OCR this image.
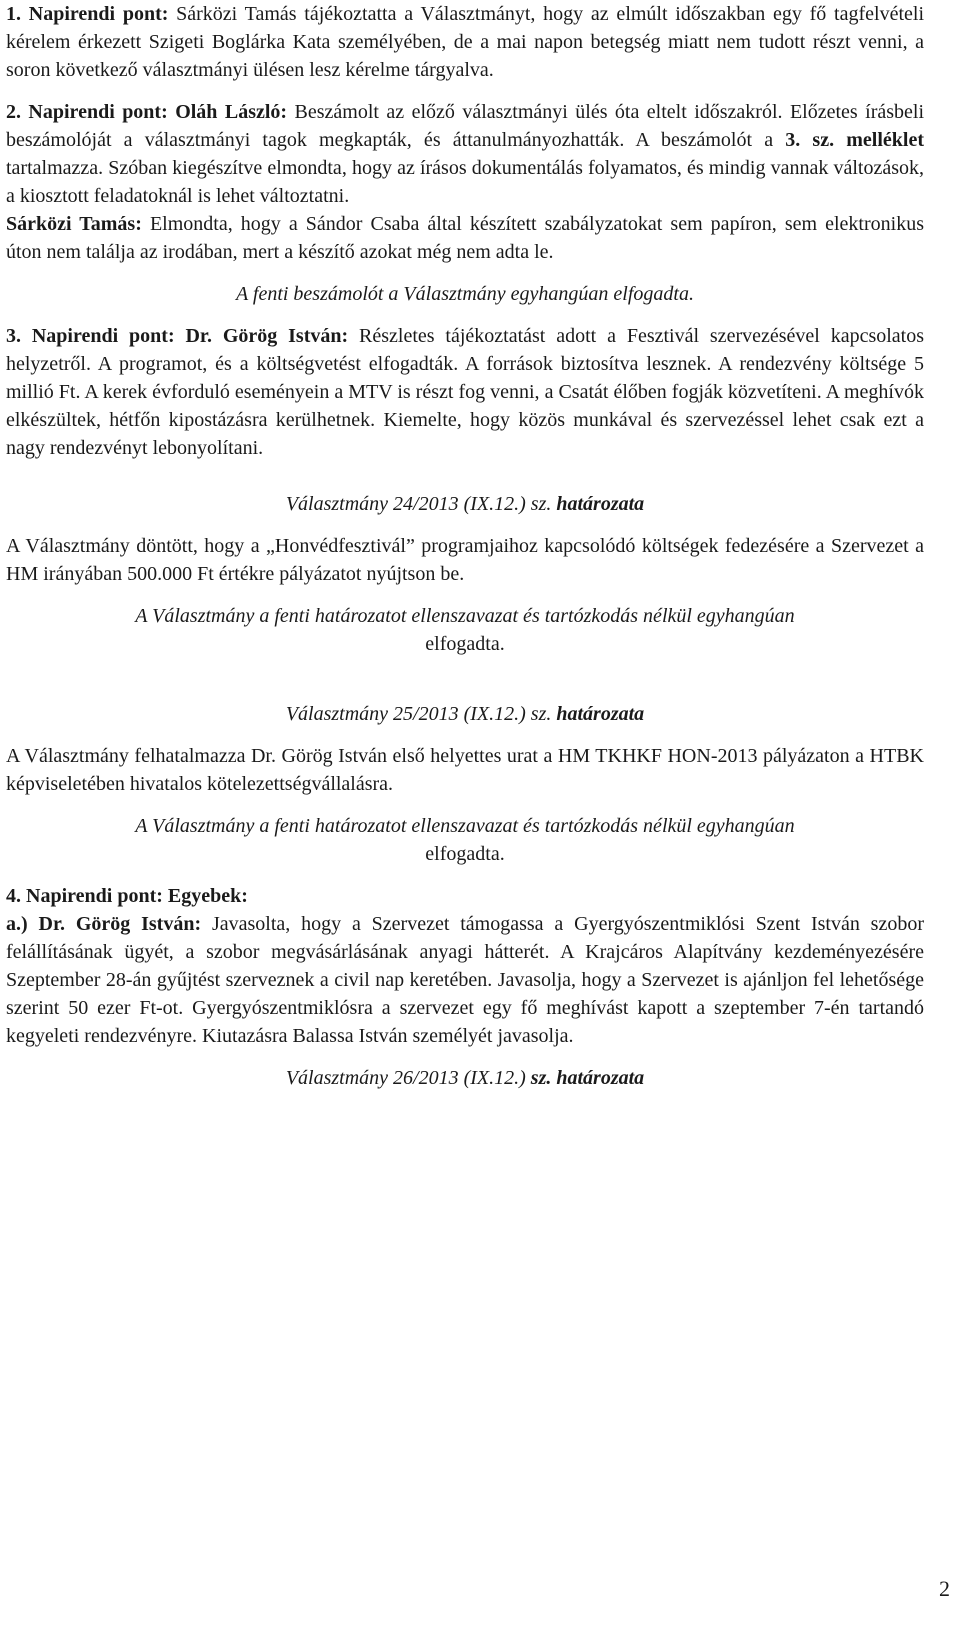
1. Napirendi pont: Sárközi Tamás tájékoztatta a Választmányt, hogy az elmúlt időszakban egy fő tagfelvételi kérelem érkezett Szigeti Boglárka Kata személyében, de a mai napon betegség miatt nem tudott részt venni, a soron következő választmányi ülésen lesz kérelme tárgyalva.

2. Napirendi pont: Oláh László: Beszámolt az előző választmányi ülés óta eltelt időszakról. Előzetes írásbeli beszámolóját a választmányi tagok megkapták, és áttanulmányozhatták. A beszámolót a 3. sz. melléklet tartalmazza. Szóban kiegészítve elmondta, hogy az írásos dokumentálás folyamatos, és mindig vannak változások, a kiosztott feladatoknál is lehet változtatni.

Sárközi Tamás: Elmondta, hogy a Sándor Csaba által készített szabályzatokat sem papíron, sem elektronikus úton nem találja az irodában, mert a készítő azokat még nem adta le.

A fenti beszámolót a Választmány egyhangúan elfogadta.

3. Napirendi pont: Dr. Görög István: Részletes tájékoztatást adott a Fesztivál szervezésével kapcsolatos helyzetről. A programot, és a költségvetést elfogadták. A források biztosítva lesznek. A rendezvény költsége 5 millió Ft. A kerek évforduló eseményein a MTV is részt fog venni, a Csatát élőben fogják közvetíteni. A meghívók elkészültek, hétfőn kipostázásra kerülhetnek. Kiemelte, hogy közös munkával és szervezéssel lehet csak ezt a nagy rendezvényt lebonyolítani.

Választmány 24/2013 (IX.12.) sz. határozata

A Választmány döntött, hogy a „Honvédfesztivál” programjaihoz kapcsolódó költségek fedezésére a Szervezet a HM irányában 500.000 Ft értékre pályázatot nyújtson be.

A Választmány a fenti határozatot ellenszavazat és tartózkodás nélkül egyhangúan

elfogadta.

Választmány 25/2013 (IX.12.) sz. határozata

A Választmány felhatalmazza Dr. Görög István első helyettes urat a HM TKHKF HON-2013 pályázaton a HTBK képviseletében hivatalos kötelezettségvállalásra.

A Választmány a fenti határozatot ellenszavazat és tartózkodás nélkül egyhangúan

elfogadta.

4. Napirendi pont: Egyebek:

a.) Dr. Görög István: Javasolta, hogy a Szervezet támogassa a Gyergyószentmiklósi Szent István szobor felállításának ügyét, a szobor megvásárlásának anyagi hátterét. A Krajcáros Alapítvány kezdeményezésére Szeptember 28-án gyűjtést szerveznek a civil nap keretében. Javasolja, hogy a Szervezet is ajánljon fel lehetősége szerint 50 ezer Ft-ot. Gyergyószentmiklósra a szervezet egy fő meghívást kapott a szeptember 7-én tartandó kegyeleti rendezvényre. Kiutazásra Balassa István személyét javasolja.

Választmány 26/2013 (IX.12.) sz. határozata

2
